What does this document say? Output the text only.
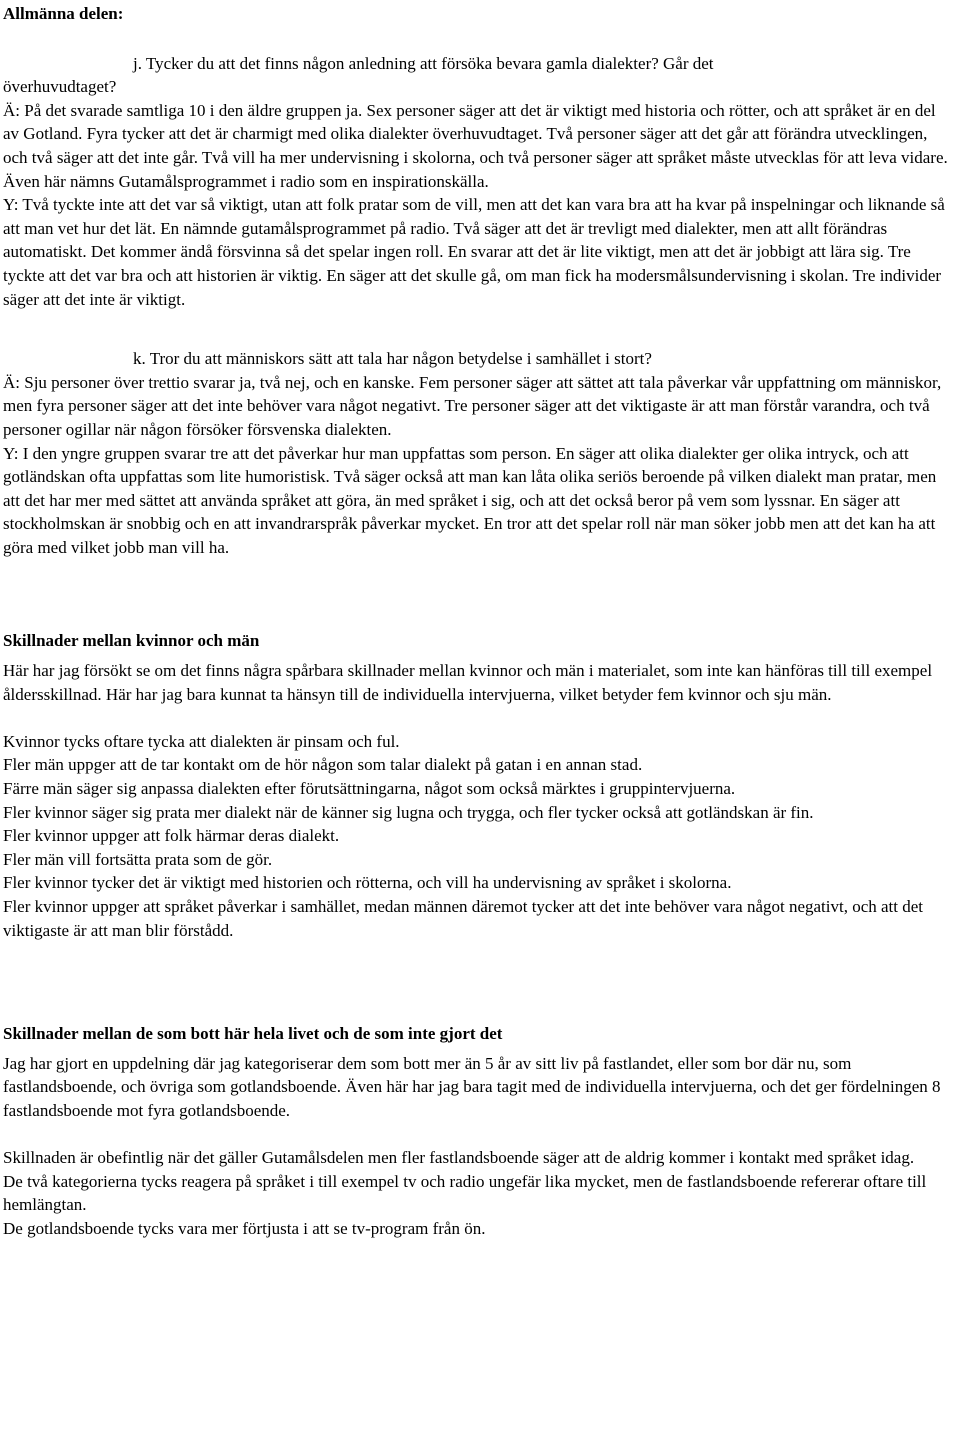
Allmänna delen:

j. Tycker du att det finns någon anledning att försöka bevara gamla dialekter? Går det

överhuvudtaget?

Ä: På det svarade samtliga 10 i den äldre gruppen ja. Sex personer säger att det är viktigt med historia och rötter, och att språket är en del av Gotland. Fyra tycker att det är charmigt med olika dialekter överhuvudtaget. Två personer säger att det går att förändra utvecklingen, och två säger att det inte går. Två vill ha mer undervisning i skolorna, och två personer säger att språket måste utvecklas för att leva vidare. Även här nämns Gutamålsprogrammet i radio som en inspirationskälla.

Y: Två tyckte inte att det var så viktigt, utan att folk pratar som de vill, men att det kan vara bra att ha kvar på inspelningar och liknande så att man vet hur det lät. En nämnde gutamålsprogrammet på radio. Två säger att det är trevligt med dialekter, men att allt förändras automatiskt. Det kommer ändå försvinna så det spelar ingen roll. En svarar att det är lite viktigt, men att det är jobbigt att lära sig. Tre tyckte att det var bra och att historien är viktig. En säger att det skulle gå, om man fick ha modersmålsundervisning i skolan. Tre individer säger att det inte är viktigt.

k. Tror du att människors sätt att tala har någon betydelse i samhället i stort?

Ä: Sju personer över trettio svarar ja, två nej, och en kanske. Fem personer säger att sättet att tala påverkar vår uppfattning om människor, men fyra personer säger att det inte behöver vara något negativt. Tre personer säger att det viktigaste är att man förstår varandra, och två personer ogillar när någon försöker försvenska dialekten.

Y: I den yngre gruppen svarar tre att det påverkar hur man uppfattas som person. En säger att olika dialekter ger olika intryck, och att gotländskan ofta uppfattas som lite humoristisk. Två säger också att man kan låta olika seriös beroende på vilken dialekt man pratar, men att det har mer med sättet att använda språket att göra, än med språket i sig, och att det också beror på vem som lyssnar. En säger att stockholmskan är snobbig och en att invandrarspråk påverkar mycket. En tror att det spelar roll när man söker jobb men att det kan ha att göra med vilket jobb man vill ha.

Skillnader mellan kvinnor och män

Här har jag försökt se om det finns några spårbara skillnader mellan kvinnor och män i materialet, som inte kan hänföras till till exempel åldersskillnad. Här har jag bara kunnat ta hänsyn till de individuella intervjuerna, vilket betyder fem kvinnor och sju män.

Kvinnor tycks oftare tycka att dialekten är pinsam och ful.

Fler män uppger att de tar kontakt om de hör någon som talar dialekt på gatan i en annan stad.

Färre män säger sig anpassa dialekten efter förutsättningarna, något som också märktes i gruppintervjuerna.

Fler kvinnor säger sig prata mer dialekt när de känner sig lugna och trygga, och fler tycker också att gotländskan är fin.

Fler kvinnor uppger att folk härmar deras dialekt.

Fler män vill fortsätta prata som de gör.

Fler kvinnor tycker det är viktigt med historien och rötterna, och vill ha undervisning av språket i skolorna.

Fler kvinnor uppger att språket påverkar i samhället, medan männen däremot tycker att det inte behöver vara något negativt, och att det viktigaste är att man blir förstådd.

Skillnader mellan de som bott här hela livet och de som inte gjort det

Jag har gjort en uppdelning där jag kategoriserar dem som bott mer än 5 år av sitt liv på fastlandet, eller som bor där nu, som fastlandsboende, och övriga som gotlandsboende. Även här har jag bara tagit med de individuella intervjuerna, och det ger fördelningen 8 fastlandsboende mot fyra gotlandsboende.

Skillnaden är obefintlig när det gäller Gutamålsdelen men fler fastlandsboende säger att de aldrig kommer i kontakt med språket idag.

De två kategorierna tycks reagera på språket i till exempel tv och radio ungefär lika mycket, men de fastlandsboende refererar oftare till hemlängtan.

De gotlandsboende tycks vara mer förtjusta i att se tv-program från ön.
